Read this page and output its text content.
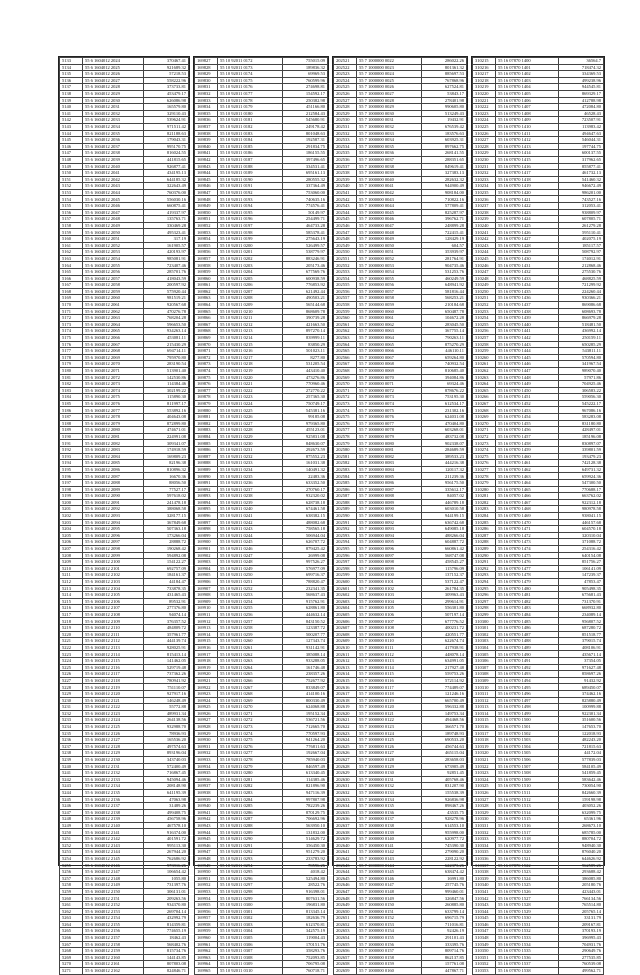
5133	55 6 1604012 2024	370467.41
5134	55 6 1604012 2025	921689.32
5135	55 6 1604012 2026	57218.53
5136	55 6 1604012 2027	558222.96
5137	55 6 1604012 2028	373733.81
5138	55 6 1604012 2029	453479.17
5139	55 6 1604012 2030	626086.98
5140	55 6 1604012 2031	165579.80
5141	55 6 1604012 2032	329110.43
5142	55 6 1604012 2033	539624.91
5143	55 6 1604012 2034	971511.42
5144	55 6 1604012 2035	821188.63
5145	55 6 1604012 2036	179043.31
5146	55 6 1604012 2037	995170.75
5147	55 6 1604012 2038	816024.55
5148	55 6 1604012 2039	441815.65
5149	55 6 1604012 2040	926877.41
5150	55 6 1604012 2041	434195.13
5151	55 6 1604012 2042	644185.32
5152	55 6 1604012 2043	322643.49
5153	55 6 1604012 2044	760376.00
5154	55 6 1604012 2045	556030.16
5155	55 6 1604012 2046	660875.41
5156	55 6 1604012 2047	419337.97
5157	55 6 1604012 2048	135763.71
5158	55 6 1604012 2049	330469.28
5159	55 6 1604012 2050	495323.41
5160	55 6 1604012 2051	317.19
5161	55 6 1604012 2052	161905.57
5162	55 6 1604012 2053	420193.97
5163	55 6 1604012 2054	985081.91
5164	55 6 1604012 2055	723407.46
5165	55 6 1604012 2056	285701.76
5166	55 6 1604012 2057	418043.59
5167	55 6 1604012 2058	200597.92
5168	55 6 1604012 2059	575920.44
5169	55 6 1604012 2060	981519.21
5170	55 6 1604012 2061	920567.68
5171	55 6 1604012 2062	470276.78
5172	55 6 1604012 2063	768204.28
5173	55 6 1604012 2064	596653.50
5174	55 6 1604012 2065	934263.14
5175	55 6 1604012 2066	453081.11
5176	55 6 1604012 2067	215430.29
5177	55 6 1604012 2068	694714.11
5178	55 6 1604012 2069	795970.80
5179	55 6 1604012 2070	283190.54
5180	55 6 1604012 2071	513901.40
5181	55 6 1604012 2072	142530.86
5182	55 6 1604012 2073	114384.46
5183	55 6 1604012 2074	302199.22
5184	55 6 1604012 2075	115890.30
5185	55 6 1604012 2076	811997.17
5186	55 6 1604012 2077	553892.16
5187	55 6 1604012 2078	404643.08
5188	55 6 1604012 2079	872899.80
5189	55 6 1604012 2080	474671.01
5190	55 6 1604012 2081	224991.08
5191	55 6 1604012 2082	309341.07
5192	55 6 1604012 2083	174918.59
5193	55 6 1604012 2084	169809.23
5194	55 6 1604012 2085	82196.38
5195	55 6 1604012 2086	810896.32
5196	55 6 1604012 2087	16670.36
5197	55 6 1604012 2088	88056.50
5198	55 6 1604012 2089	77527.17
5199	55 6 1604012 2090	597618.02
5200	55 6 1604012 2091	241478.18
5201	55 6 1604012 2092	388068.58
5202	55 6 1604012 2093	328177.15
5203	55 6 1604012 2094	367849.68
5204	55 6 1604012 2095	507363.18
5205	55 6 1604012 2096	173266.04
5206	55 6 1604012 2097	28888.72
5207	55 6 1604012 2098	190268.42
5208	55 6 1604012 2099	594892.08
5209	55 6 1604012 2100	154122.27
5210	55 6 1604012 2101	692757.09
5211	55 6 1604012 2102	184161.37
5212	55 6 1604012 2103	44184.47
5213	55 6 1604012 2104	733878.35
5214	55 6 1604012 2105	431465.43
5215	55 6 1604012 2106	89532.91
5216	55 6 1604012 2107	277376.80
5217	55 6 1604012 2108	94074.14
5218	55 6 1604012 2109	376357.52
5219	55 6 1604012 2110	484809.72
5220	55 6 1604012 2111	357961.77
5221	55 6 1604012 2112	444139.74
5222	55 6 1604012 2113	928025.91
5223	55 6 1604012 2114	815413.14
5224	55 6 1604012 2115	141462.05
5225	55 6 1604012 2116	529719.48
5226	55 6 1604012 2117	737362.26
5227	55 6 1604012 2118	780941.92
5228	55 6 1604012 2119	751110.07
5229	55 6 1604012 2120	927917.16
5230	55 6 1604012 2121	146248.49
5231	55 6 1604012 2122	55772.88
5232	55 6 1604012 2123	489931.34
5233	55 6 1604012 2124	264138.56
5234	55 6 1604012 2125	932988.70
5235	55 6 1604012 2126	78936.93
5236	55 6 1604012 2127	165536.20
5237	55 6 1604012 2128	497574.63
5238	55 6 1604012 2129	893196.04
5239	55 6 1604012 2130	343740.03
5240	55 6 1604012 2131	572400.49
5241	55 6 1604012 2132	716867.45
5242	55 6 1604012 2133	945094.46
5243	55 6 1604012 2134	208148.90
5244	55 6 1604012 2135	641195.39
5245	55 6 1604012 2136	47063.98
5246	55 6 1604012 2137	31489.26
5247	55 6 1604012 2138	499408.75
5248	55 6 1604012 2139	456758.96
5249	55 6 1604012 2140	467578.10
5250	55 6 1604012 2141	916374.00
5251	55 6 1604012 2142	401591.72
5252	55 6 1604012 2143	995113.30
5253	55 6 1604012 2144	267944.20
5254	55 6 1604012 2145	762686.92
5255	55 6 1604012 2146	973916.26
5256	55 6 1604012 2147	106654.42
5257	55 6 1604012 2148	1055.80
5258	55 6 1604012 2149	731397.76
5259	55 6 1604012 2150	306131.01
5260	55 6 1604012 2151	209263.56
5261	55 6 1604012 2152	934370.80
5262	55 6 1604012 2153	269704.14
5263	55 6 1604012 2154	432992.79
5264	55 6 1604012 2155	814359.81
5265	55 6 1604012 2156	774655.19
5266	55 6 1604012 2157	18462.43
5267	55 6 1604012 2158	568402.76
5268	55 6 1604012 2159	815734.76
5269	55 6 1604012 2160	144143.85
5270	55 6 1604012 2161	807803.08
5271	55 6 1604012 2162	824846.71
169827	55 10 92011 0172	755015.09
169828	55 10 92011 0173	189836.32
169829	55 10 92011 0174	69969.53
169830	55 10 92011 0175	760599.96
169831	55 10 92011 0176	274698.81
169832	55 10 92011 0177	154592.17
169833	55 10 92011 0178	250382.98
169834	55 10 92011 0179	451166.80
169835	55 10 92011 0180	212584.43
169836	55 10 92011 0181	545680.91
169837	55 10 92011 0182	249178.42
169838	55 10 92011 0183	801048.63
169839	55 10 92011 0184	192587.31
169840	55 10 92011 0185	291834.75
169841	55 10 92011 0186	186155.55
169842	55 10 92011 0187	397496.65
169843	55 10 92011 0188	334531.41
169844	55 10 92011 0189	695161.13
169845	55 10 92011 0190	280555.32
169846	55 10 92011 0191	337364.49
169847	55 10 92011 0192	753060.00
169848	55 10 92011 0193	740635.16
169849	55 10 92011 0194	774576.41
169850	55 10 92011 0195	50149.97
169851	55 10 92011 0196	254499.71
169852	55 10 92011 0197	464733.28
169853	55 10 92011 0198	585378.41
169854	55 10 92011 0199	275643.19
169855	55 10 92011 0200	526499.57
169856	55 10 92011 0201	538779.97
169857	55 10 92011 0202	883246.91
169858	55 10 92011 0203	205173.46
169859	55 10 92011 0204	677569.76
169860	55 10 92011 0205	600938.59
169861	55 10 92011 0206	776853.92
169862	55 10 92011 0207	621492.44
169863	55 10 92011 0208	490503.21
169864	55 10 92011 0209	565144.68
169865	55 10 92011 0210	868609.78
169866	55 10 92011 0211	390739.28
169867	55 10 92011 0212	421663.50
169868	55 10 92011 0213	897270.14
169869	55 10 92011 0214	839999.11
169870	55 10 92011 0215	83850.29
169871	55 10 92011 0216	501023.11
169872	55 10 92011 0217	8277.80
169873	55 10 92011 0218	531205.54
169874	55 10 92011 0219	443410.40
169875	55 10 92011 0220	473276.86
169876	55 10 92011 0221	770960.46
169877	55 10 92011 0222	272770.22
169878	55 10 92011 0223	257365.30
169879	55 10 92011 0224	750749.17
169880	55 10 92011 0225	545381.16
169881	55 10 92011 0226	99185.08
169882	55 10 92011 0227	979365.80
169883	55 10 92011 0228	455123.01
169884	55 10 92011 0229	925831.08
169885	55 10 92011 0230	848630.07
169886	55 10 92011 0231	292673.59
169887	55 10 92011 0232	875552.23
169888	55 10 92011 0233	161031.38
169889	55 10 92011 0234	140491.32
169890	55 10 92011 0235	22483.36
169891	55 10 92011 0236	633352.50
169892	55 10 92011 0237	270760.17
169893	55 10 92011 0238	932320.02
169894	55 10 92011 0239	628738.18
169895	55 10 92011 0240	674461.58
169896	55 10 92011 0241	638382.15
169897	55 10 92011 0242	488082.68
169898	55 10 92011 0243	758565.18
169899	55 10 92011 0244	506944.04
169900	55 10 92011 0245	626707.72
169901	55 10 92011 0246	879425.42
169902	55 10 92011 0247	26999.08
169903	55 10 92011 0248	997526.27
169904	55 10 92011 0249	576977.09
169905	55 10 92011 0250	699716.37
169906	55 10 92011 0251	788820.47
169907	55 10 92011 0252	232341.35
169908	55 10 92011 0253	568637.43
169909	55 10 92011 0254	915762.91
169910	55 10 92011 0255	628861.80
169911	55 10 92011 0256	444632.14
169912	55 10 92011 0257	843150.52
169913	55 10 92011 0258	123387.72
169914	55 10 92011 0259	500207.77
169915	55 10 92011 0260	127343.74
169916	55 10 92011 0261	931142.91
169917	55 10 92011 0262	385088.14
169918	55 10 92011 0263	933288.05
169919	55 10 92011 0264	161746.48
169920	55 10 92011 0265	238357.26
169921	55 10 92011 0266	752677.92
169922	55 10 92011 0267	833849.07
169923	55 10 92011 0268	414100.16
169924	55 10 92011 0269	800330.49
169925	55 10 92011 0270	624068.88
169926	55 10 92011 0271	195152.34
169927	55 10 92011 0272	536721.56
169928	55 10 92011 0273	712665.70
169929	55 10 92011 0274	770597.93
169930	55 10 92011 0275	941264.20
169931	55 10 92011 0276	776811.63
169932	55 10 92011 0277	192667.04
169933	55 10 92011 0278	785940.03
169934	55 10 92011 0279	846597.49
169935	55 10 92011 0280	613340.45
169936	55 10 92011 0281	114385.46
169937	55 10 92011 0282	821896.90
169938	55 10 92011 0283	947116.39
169939	55 10 92011 0284	997807.98
169940	55 10 92011 0285	782239.26
169941	55 10 92011 0286	870129.75
169942	55 10 92011 0287	706692.96
169943	55 10 92011 0288	563950.10
169944	55 10 92011 0289	131832.00
169945	55 10 92011 0290	514629.72
169946	55 10 92011 0291	356450.30
169947	55 10 92011 0292	951279.20
169948	55 10 92011 0293	233783.92
169949	55 10 92011 0294	70596.26
169950	55 10 92011 0295	4018.42
169951	55 10 92011 0296	525494.80
169952	55 10 92011 0297	28522.76
169953	55 10 92011 0298	916398.01
169954	55 10 92011 0299	807631.56
169955	55 10 92011 0300	196831.80
169956	55 10 92011 0301	813345.14
169957	55 10 92011 0302	182636.79
169958	55 10 92011 0303	612370.81
169959	55 10 92011 0304	342575.19
169960	55 10 92011 0305	119004.43
169961	55 10 92011 0306	170151.76
169962	55 10 92011 0307	358293.76
169963	55 10 92011 0308	752093.85
169964	55 10 92011 0309	706795.08
169965	55 10 92011 0310	760718.71
202521	55 7 1000000 0022	286022.26
202522	55 7 1000000 0023	801361.32
202523	55 7 1000000 0024	885697.53
202524	55 7 1000000 0025	767868.96
202525	55 7 1000000 0026	627524.81
202526	55 7 1000000 0027	53843.17
202527	55 7 1000000 0028	278401.98
202528	55 7 1000000 0029	990605.80
202529	55 7 1000000 0030	513249.43
202530	55 7 1000000 0031	19432.91
202531	55 7 1000000 0032	676539.42
202532	55 7 1000000 0033	183576.63
202533	55 7 1000000 0034	603925.31
202534	55 7 1000000 0035	897662.75
202535	55 7 1000000 0036	268141.55
202536	55 7 1000000 0037	288351.65
202537	55 7 1000000 0038	849619.41
202538	55 7 1000000 0039	327383.13
202539	55 7 1000000 0040	282632.32
202540	55 7 1000000 0041	944900.49
202541	55 7 1000000 0042	908184.00
202542	55 7 1000000 0043	710822.16
202543	55 7 1000000 0044	577809.41
202544	55 7 1000000 0045	825287.97
202545	55 7 1000000 0046	396762.71
202546	55 7 1000000 0047	248899.28
202547	55 7 1000000 0048	722415.41
202548	55 7 1000000 0049	128429.19
202549	55 7 1000000 0050	604.57
202550	55 7 1000000 0051	353939.97
202551	55 7 1000000 0052	281764.91
202552	55 7 1000000 0053	904735.46
202553	55 7 1000000 0054	531253.76
202554	55 7 1000000 0055	460249.59
202555	55 7 1000000 0056	648941.92
202556	55 7 1000000 0057	581816.44
202557	55 7 1000000 0058	568253.21
202558	55 7 1000000 0059	210184.68
202559	55 7 1000000 0060	650487.78
202560	55 7 1000000 0061	104672.28
202561	55 7 1000000 0062	283045.50
202562	55 7 1000000 0063	367755.14
202563	55 7 1000000 0064	790263.11
202564	55 7 1000000 0065	875270.29
202565	55 7 1000000 0066	446110.11
202566	55 7 1000000 0067	659264.80
202567	55 7 1000000 0068	740932.54
202568	55 7 1000000 0069	810685.40
202569	55 7 1000000 0070	394084.86
202570	55 7 1000000 0071	69324.46
202571	55 7 1000000 0072	878676.22
202572	55 7 1000000 0073	753195.30
202573	55 7 1000000 0074	612534.17
202574	55 7 1000000 0075	231302.16
202575	55 7 1000000 0076	624031.08
202576	55 7 1000000 0077	470404.80
202577	55 7 1000000 0078	603268.01
202578	55 7 1000000 0079	483732.08
202579	55 7 1000000 0080	902338.07
202580	55 7 1000000 0081	284689.59
202581	55 7 1000000 0082	389533.23
202582	55 7 1000000 0083	444216.38
202583	55 7 1000000 0084	120117.32
202584	55 7 1000000 0085	211239.36
202585	55 7 1000000 0086	956175.50
202586	55 7 1000000 0087	335612.17
202587	55 7 1000000 0088	84057.02
202588	55 7 1000000 0089	446789.18
202589	55 7 1000000 0090	603010.58
202590	55 7 1000000 0091	944199.15
202591	55 7 1000000 0092	636742.68
202592	55 7 1000000 0093	649085.18
202593	55 7 1000000 0094	488266.04
202594	55 7 1000000 0095	604887.72
202595	55 7 1000000 0096	660861.42
202596	55 7 1000000 0097	568747.08
202597	55 7 1000000 0098	458545.27
202598	55 7 1000000 0099	115796.09
202599	55 7 1000000 0100	137152.37
202600	55 7 1000000 0101	537122.47
202601	55 7 1000000 0102	261784.35
202602	55 7 1000000 0103	309963.43
202603	55 7 1000000 0104	299614.91
202604	55 7 1000000 0105	556301.80
202605	55 7 1000000 0106	507197.14
202606	55 7 1000000 0107	677776.52
202607	55 7 1000000 0108	400231.72
202608	55 7 1000000 0109	420551.77
202609	55 7 1000000 0110	622674.74
202610	55 7 1000000 0111	417938.91
202611	55 7 1000000 0112	448078.14
202612	55 7 1000000 0113	634991.05
202613	55 7 1000000 0114	217927.48
202614	55 7 1000000 0115	559753.26
202615	55 7 1000000 0116	572114.92
202616	55 7 1000000 0117	774489.07
202617	55 7 1000000 0118	121246.16
202618	55 7 1000000 0119	665700.49
202619	55 7 1000000 0120	596332.88
202620	55 7 1000000 0121	149753.34
202621	55 7 1000000 0122	494468.56
202622	55 7 1000000 0123	366571.70
202623	55 7 1000000 0124	189748.93
202624	55 7 1000000 0125	690533.20
202625	55 7 1000000 0126	456744.63
202626	55 7 1000000 0127	465115.04
202627	55 7 1000000 0128	283658.03
202628	55 7 1000000 0129	673905.49
202629	55 7 1000000 0130	92851.45
202630	55 7 1000000 0131	405768.46
202631	55 7 1000000 0132	831207.90
202632	55 7 1000000 0133	155538.39
202633	55 7 1000000 0134	926836.98
202634	55 7 1000000 0135	898467.26
202635	55 7 1000000 0136	43535.75
202636	55 7 1000000 0137	928278.96
202637	55 7 1000000 0138	614553.10
202638	55 7 1000000 0139	955998.00
202639	55 7 1000000 0140	620977.72
202640	55 7 1000000 0141	745390.30
202641	55 7 1000000 0142	279090.20
202642	55 7 1000000 0143	228122.92
202643	55 7 1000000 0144	622373.26
202644	55 7 1000000 0145	638474.42
202645	55 7 1000000 0146	16991.80
202646	55 7 1000000 0147	257745.76
202647	55 7 1000000 0148	999460.01
202648	55 7 1000000 0149	326847.56
202649	55 7 1000000 0150	260885.80
202650	55 7 1000000 0151	633799.14
202651	55 7 1000000 0152	696715.79
202652	55 7 1000000 0153	711016.81
202653	55 7 1000000 0154	92426.19
202654	55 7 1000000 0155	291101.43
202655	55 7 1000000 0156	333395.76
202656	55 7 1000000 0157	809714.76
202657	55 7 1000000 0158	862137.85
202658	55 7 1000000 0159	157761.08
202659	55 7 1000000 0160	447867.71
310215	55 16 07870 1400	36564.7
310216	55 16 07870 1401	718474.32
310217	55 16 07870 1402	334369.53
310218	55 16 07870 1403	499238.96
310219	55 16 07870 1404	944545.81
310220	55 16 07870 1405	869329.17
310221	55 16 07870 1406	412788.98
310222	55 16 07870 1407	472084.80
310223	55 16 07870 1408	46528.43
310224	55 16 07870 1409	723507.91
310225	55 16 07870 1410	113983.42
310226	55 16 07870 1411	494647.63
310227	55 16 07870 1412	546044.31
310228	55 16 07870 1413	197744.75
310229	55 16 07870 1414	600137.55
310230	55 16 07870 1415	317962.65
310231	55 16 07870 1416	855877.41
310232	55 16 07870 1417	461732.13
310233	55 16 07870 1418	541460.32
310234	55 16 07870 1419	946672.49
310235	55 16 07870 1420	986201.00
310236	55 16 07870 1421	743527.16
310237	55 16 07870 1422	312053.41
310238	55 16 07870 1423	938809.97
310239	55 16 07870 1424	607805.71
310240	55 16 07870 1425	261279.28
310241	55 16 07870 1426	595110.41
310242	55 16 07870 1427	402075.19
310243	55 16 07870 1428	185117.57
310244	55 16 07870 1429	508792.97
310245	55 16 07870 1430	174012.91
310246	55 16 07870 1431	212868.46
310247	55 16 07870 1432	275530.76
310248	55 16 07870 1433	468825.59
310249	55 16 07870 1434	721299.92
310250	55 16 07870 1435	224260.44
310251	55 16 07870 1436	930366.21
310252	55 16 07870 1437	869086.68
310253	55 16 07870 1438	608693.78
310254	55 16 07870 1439	866979.28
310255	55 16 07870 1440	518481.50
310256	55 16 07870 1441	436992.14
310257	55 16 07870 1442	250159.11
310258	55 16 07870 1443	650285.29
310259	55 16 07870 1444	543811.11
310260	55 16 07870 1445	570594.80
310261	55 16 07870 1446	341967.54
310262	55 16 07870 1447	989070.40
310263	55 16 07870 1448	57971.86
310264	55 16 07870 1449	704925.46
310265	55 16 07870 1450	306583.22
310266	55 16 07870 1451	559056.30
310267	55 16 07870 1452	545222.17
310268	55 16 07870 1453	967086.16
310269	55 16 07870 1454	583283.08
310270	55 16 07870 1455	831180.80
310271	55 16 07870 1456	428497.01
310272	55 16 07870 1457	185196.08
310273	55 16 07870 1458	830897.07
310274	55 16 07870 1459	339801.59
310275	55 16 07870 1460	193479.23
310276	55 16 07870 1461	742128.38
310277	55 16 07870 1462	649731.32
310278	55 16 07870 1463	659924.36
310279	55 16 07870 1464	547300.50
310280	55 16 07870 1465	770688.17
310281	55 16 07870 1466	663762.02
310282	55 16 07870 1467	922312.18
310283	55 16 07870 1468	980978.58
310284	55 16 07870 1469	938041.15
310285	55 16 07870 1470	446157.68
310286	55 16 07870 1471	604570.18
310287	55 16 07870 1472	320310.04
310288	55 16 07870 1473	371088.72
310289	55 16 07870 1474	254316.42
310290	55 16 07870 1475	640154.08
310291	55 16 07870 1476	851756.27
310292	55 16 07870 1477	106141.09
310293	55 16 07870 1478	147239.37
310294	55 16 07870 1479	47853.47
310295	55 16 07870 1480	905498.35
310296	55 16 07870 1481	675681.43
310297	55 16 07870 1482	731370.91
310298	55 16 07870 1483	668932.80
310299	55 16 07870 1484	234089.14
310300	55 16 07870 1485	956807.52
310301	55 16 07870 1486	687280.72
310302	55 16 07870 1487	851518.77
310303	55 16 07870 1488	379015.74
310304	55 16 07870 1489	408106.91
310305	55 16 07870 1490	435671.14
310306	55 16 07870 1491	37354.05
310307	55 16 07870 1492	971627.48
310308	55 16 07870 1493	858697.26
310309	55 16 07870 1494	91432.92
310310	55 16 07870 1495	689450.07
310311	55 16 07870 1496	374462.16
310312	55 16 07870 1497	825880.49
310313	55 16 07870 1498	100999.88
310314	55 16 07870 1499	922301.34
310315	55 16 07870 1500	351600.56
310316	55 16 07870 1501	147653.70
310317	55 16 07870 1502	122018.93
310318	55 16 07870 1503	482243.20
310319	55 16 07870 1504	721815.63
310320	55 16 07870 1505	44172.04
310321	55 16 07870 1506	577839.03
310322	55 16 07870 1507	584105.49
310323	55 16 07870 1508	541859.45
310324	55 16 07870 1509	583642.46
310325	55 16 07870 1510	730054.90
310326	55 16 07870 1511	842660.39
310327	55 16 07870 1512	159198.98
310328	55 16 07870 1513	403052.26
310329	55 16 07870 1514	632099.75
310330	55 16 07870 1515	65361.96
310331	55 16 07870 1516	268673.10
310332	55 16 07870 1517	685785.00
310333	55 16 07870 1518	880704.72
310334	55 16 07870 1519	948940.30
310335	55 16 07870 1520	876040.20
310336	55 16 07870 1521	644626.92
310337	55 16 07870 1522	962589.26
310338	55 16 07870 1523	293688.42
310339	55 16 07870 1524	386085.80
310340	55 16 07870 1525	205180.76
310341	55 16 07870 1526	423443.01
310342	55 16 07870 1527	766134.56
310343	55 16 07870 1528	765514.80
310344	55 16 07870 1529	205765.14
310345	55 16 07870 1530	33131.79
310346	55 16 07870 1531	209167.81
310347	55 16 07870 1532	370193.19
310348	55 16 07870 1533	396995.43
310349	55 16 07870 1534	704931.76
310350	55 16 07870 1535	290649.76
310351	55 16 07870 1536	277535.85
310352	55 16 07870 1537	760539.08
310353	55 16 07870 1538	499562.71
